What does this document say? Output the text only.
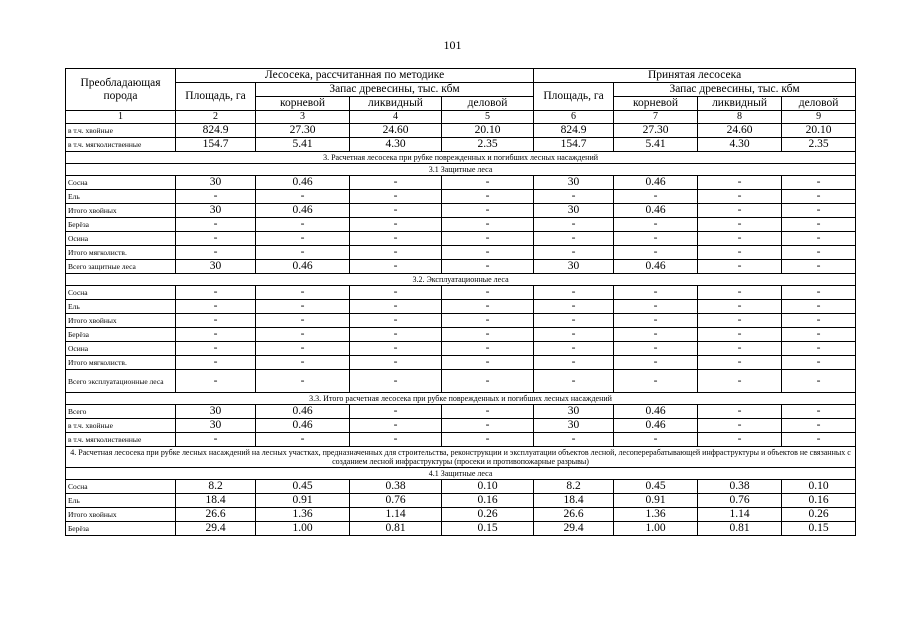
101
Преобладающая порода	Лесосека, рассчитанная по методике				Принятая лесосека			
	Площадь, га	Запас древесины, тыс. кбм			Площадь, га	Запас древесины, тыс. кбм		
		корневой	ликвидный	деловой		корневой	ликвидный	деловой
1	2	3	4	5	6	7	8	9
в т.ч. хвойные	824.9	27.30	24.60	20.10	824.9	27.30	24.60	20.10
в т.ч. мягколиственные	154.7	5.41	4.30	2.35	154.7	5.41	4.30	2.35
3. Расчетная лесосека при рубке поврежденных и погибших лесных насаждений								
3.1 Защитные леса								
Сосна	30	0.46	-	-	30	0.46	-	-
Ель	-	-	-	-	-	-	-	-
Итого хвойных	30	0.46	-	-	30	0.46	-	-
Берёза	-	-	-	-	-	-	-	-
Осина	-	-	-	-	-	-	-	-
Итого мягколиств.	-	-	-	-	-	-	-	-
Всего защитные леса	30	0.46	-	-	30	0.46	-	-
3.2. Эксплуатационные леса								
Сосна	-	-	-	-	-	-	-	-
Ель	-	-	-	-	-	-	-	-
Итого хвойных	-	-	-	-	-	-	-	-
Берёза	-	-	-	-	-	-	-	-
Осина	-	-	-	-	-	-	-	-
Итого мягколиств.	-	-	-	-	-	-	-	-
Всего эксплуатационные леса	-	-	-	-	-	-	-	-
3.3. Итого расчетная лесосека при рубке поврежденных и погибших лесных насаждений								
Всего	30	0.46	-	-	30	0.46	-	-
в т.ч. хвойные	30	0.46	-	-	30	0.46	-	-
в т.ч. мягколиственные	-	-	-	-	-	-	-	-
4. Расчетная лесосека при рубке лесных насаждений на лесных участках, предназначенных для строительства, реконструкции и эксплуатации объектов лесной, лесоперерабатывающей инфраструктуры и объектов не связанных с созданием лесной инфраструктуры (просеки и противопожарные разрывы)								
4.1 Защитные леса								
Сосна	8.2	0.45	0.38	0.10	8.2	0.45	0.38	0.10
Ель	18.4	0.91	0.76	0.16	18.4	0.91	0.76	0.16
Итого хвойных	26.6	1.36	1.14	0.26	26.6	1.36	1.14	0.26
Берёза	29.4	1.00	0.81	0.15	29.4	1.00	0.81	0.15
